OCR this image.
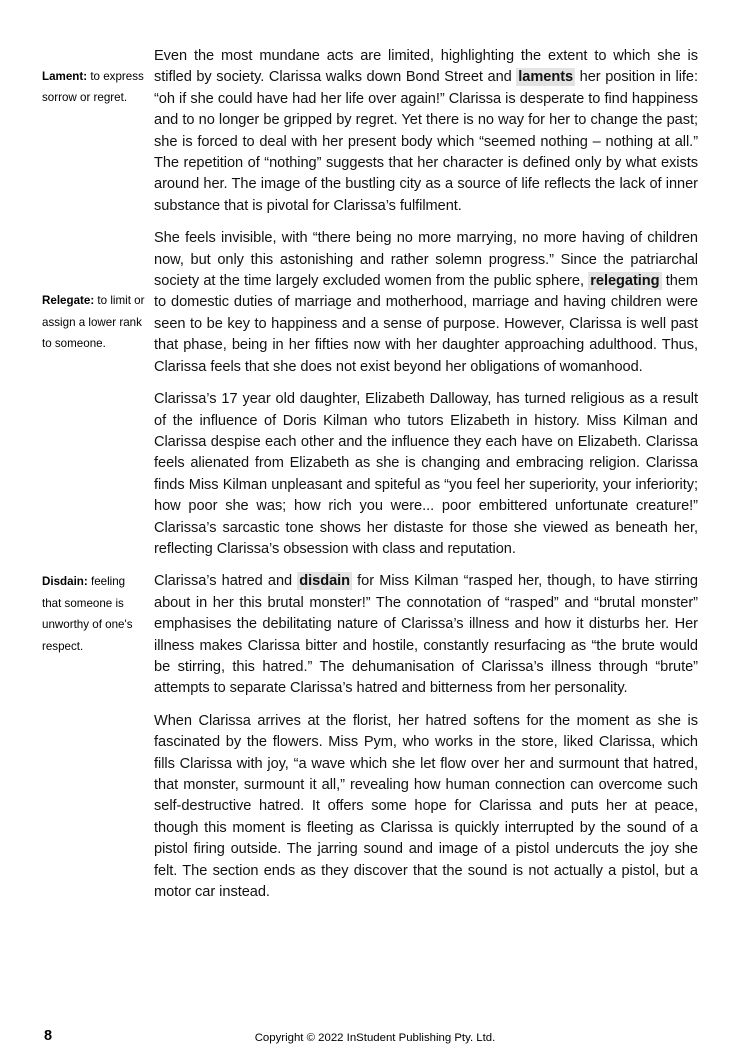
Lament: to express sorrow or regret.
Even the most mundane acts are limited, highlighting the extent to which she is stifled by society. Clarissa walks down Bond Street and laments her position in life: “oh if she could have had her life over again!” Clarissa is desperate to find happiness and to no longer be gripped by regret. Yet there is no way for her to change the past; she is forced to deal with her present body which “seemed nothing – nothing at all.” The repetition of “nothing” suggests that her character is defined only by what exists around her. The image of the bustling city as a source of life reflects the lack of inner substance that is pivotal for Clarissa’s fulfilment.
Relegate: to limit or assign a lower rank to someone.
She feels invisible, with “there being no more marrying, no more having of children now, but only this astonishing and rather solemn progress.” Since the patriarchal society at the time largely excluded women from the public sphere, relegating them to domestic duties of marriage and motherhood, marriage and having children were seen to be key to happiness and a sense of purpose. However, Clarissa is well past that phase, being in her fifties now with her daughter approaching adulthood. Thus, Clarissa feels that she does not exist beyond her obligations of womanhood.
Clarissa’s 17 year old daughter, Elizabeth Dalloway, has turned religious as a result of the influence of Doris Kilman who tutors Elizabeth in history. Miss Kilman and Clarissa despise each other and the influence they each have on Elizabeth. Clarissa feels alienated from Elizabeth as she is changing and embracing religion. Clarissa finds Miss Kilman unpleasant and spiteful as “you feel her superiority, your inferiority; how poor she was; how rich you were... poor embittered unfortunate creature!” Clarissa’s sarcastic tone shows her distaste for those she viewed as beneath her, reflecting Clarissa’s obsession with class and reputation.
Disdain: feeling that someone is unworthy of one's respect.
Clarissa’s hatred and disdain for Miss Kilman “rasped her, though, to have stirring about in her this brutal monster!” The connotation of “rasped” and “brutal monster” emphasises the debilitating nature of Clarissa’s illness and how it disturbs her. Her illness makes Clarissa bitter and hostile, constantly resurfacing as “the brute would be stirring, this hatred.” The dehumanisation of Clarissa’s illness through “brute” attempts to separate Clarissa’s hatred and bitterness from her personality.
When Clarissa arrives at the florist, her hatred softens for the moment as she is fascinated by the flowers. Miss Pym, who works in the store, liked Clarissa, which fills Clarissa with joy, “a wave which she let flow over her and surmount that hatred, that monster, surmount it all,” revealing how human connection can overcome such self-destructive hatred. It offers some hope for Clarissa and puts her at peace, though this moment is fleeting as Clarissa is quickly interrupted by the sound of a pistol firing outside. The jarring sound and image of a pistol undercuts the joy she felt. The section ends as they discover that the sound is not actually a pistol, but a motor car instead.
8	Copyright © 2022 InStudent Publishing Pty. Ltd.
